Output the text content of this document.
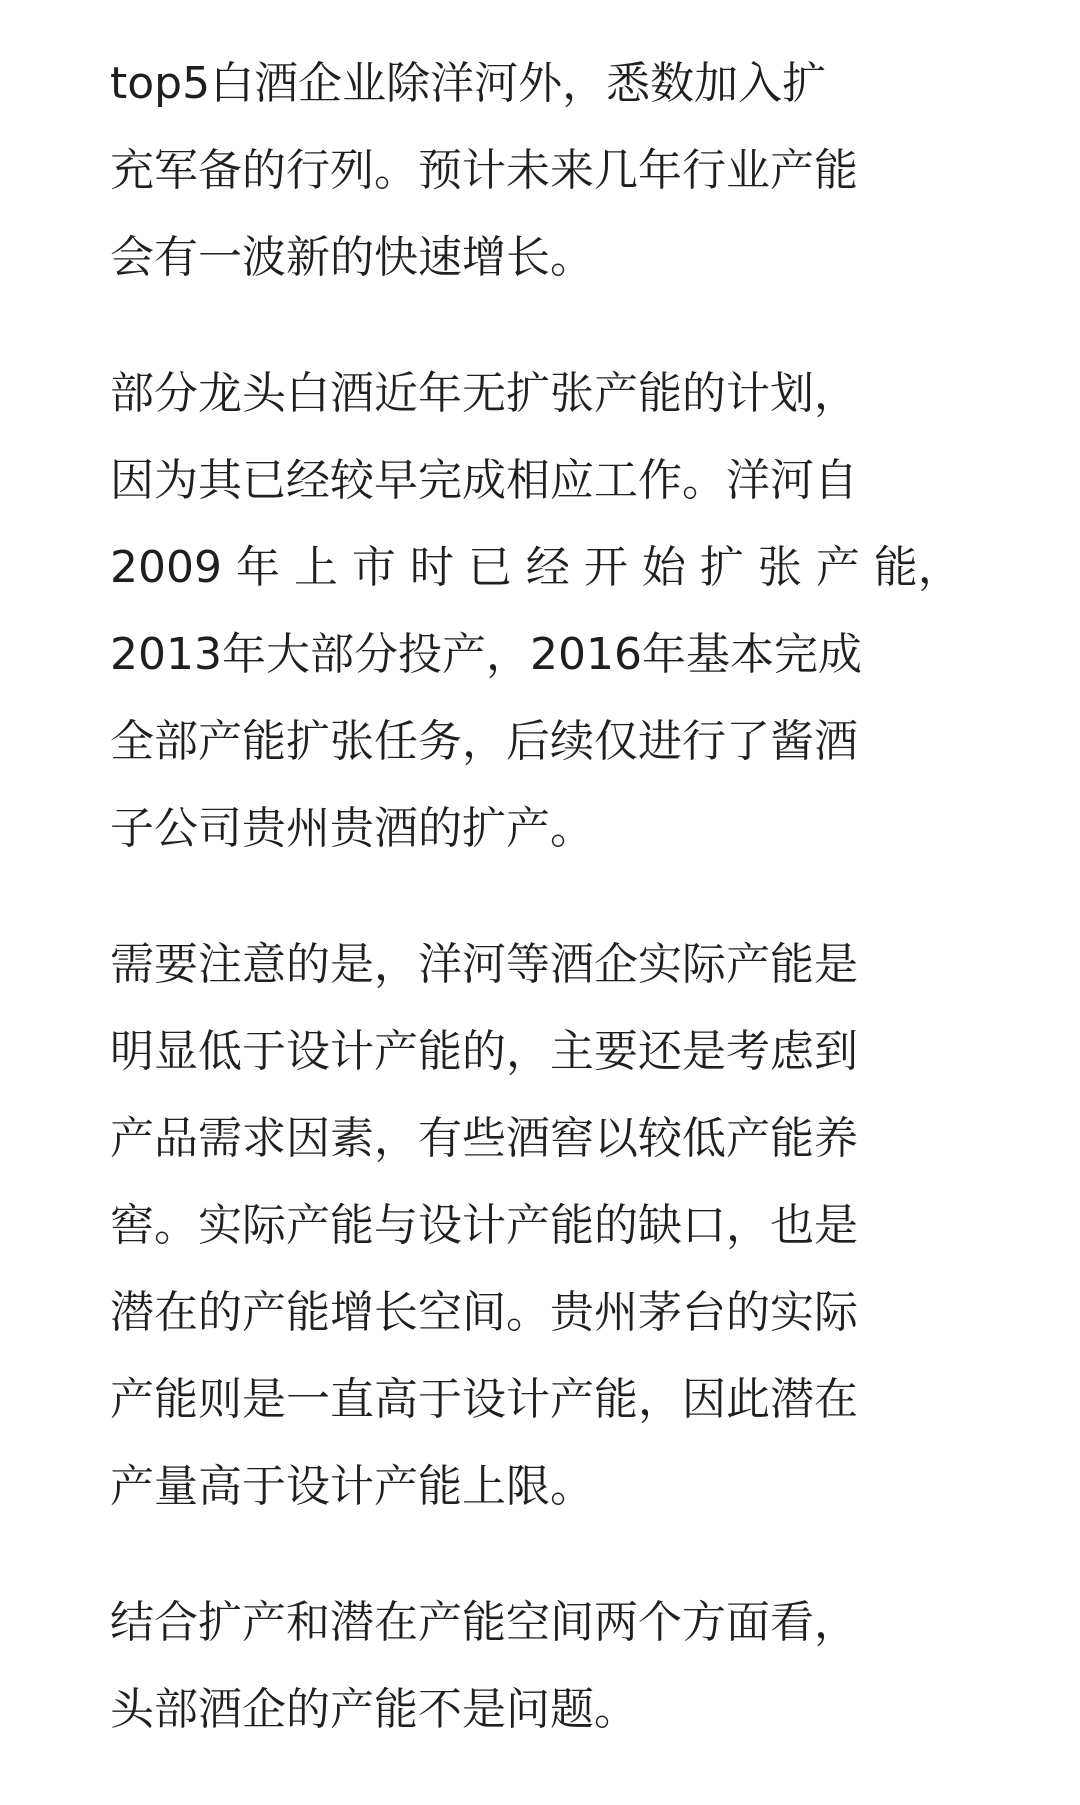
top5白酒企业除洋河外，悉数加入扩
充军备的行列。预计未来几年行业产能
会有一波新的快速增长。

部分龙头白酒近年无扩张产能的计划，
因为其已经较早完成相应工作。洋河自
2009 年 上 市 时 已 经 开 始 扩 张 产 能，
2013年大部分投产，2016年基本完成
全部产能扩张任务，后续仅进行了酱酒
子公司贵州贵酒的扩产。

需要注意的是，洋河等酒企实际产能是
明显低于设计产能的，主要还是考虑到
产品需求因素，有些酒窖以较低产能养
窖。实际产能与设计产能的缺口，也是
潜在的产能增长空间。贵州茅台的实际
产能则是一直高于设计产能，因此潜在
产量高于设计产能上限。

结合扩产和潜在产能空间两个方面看，
头部酒企的产能不是问题。
